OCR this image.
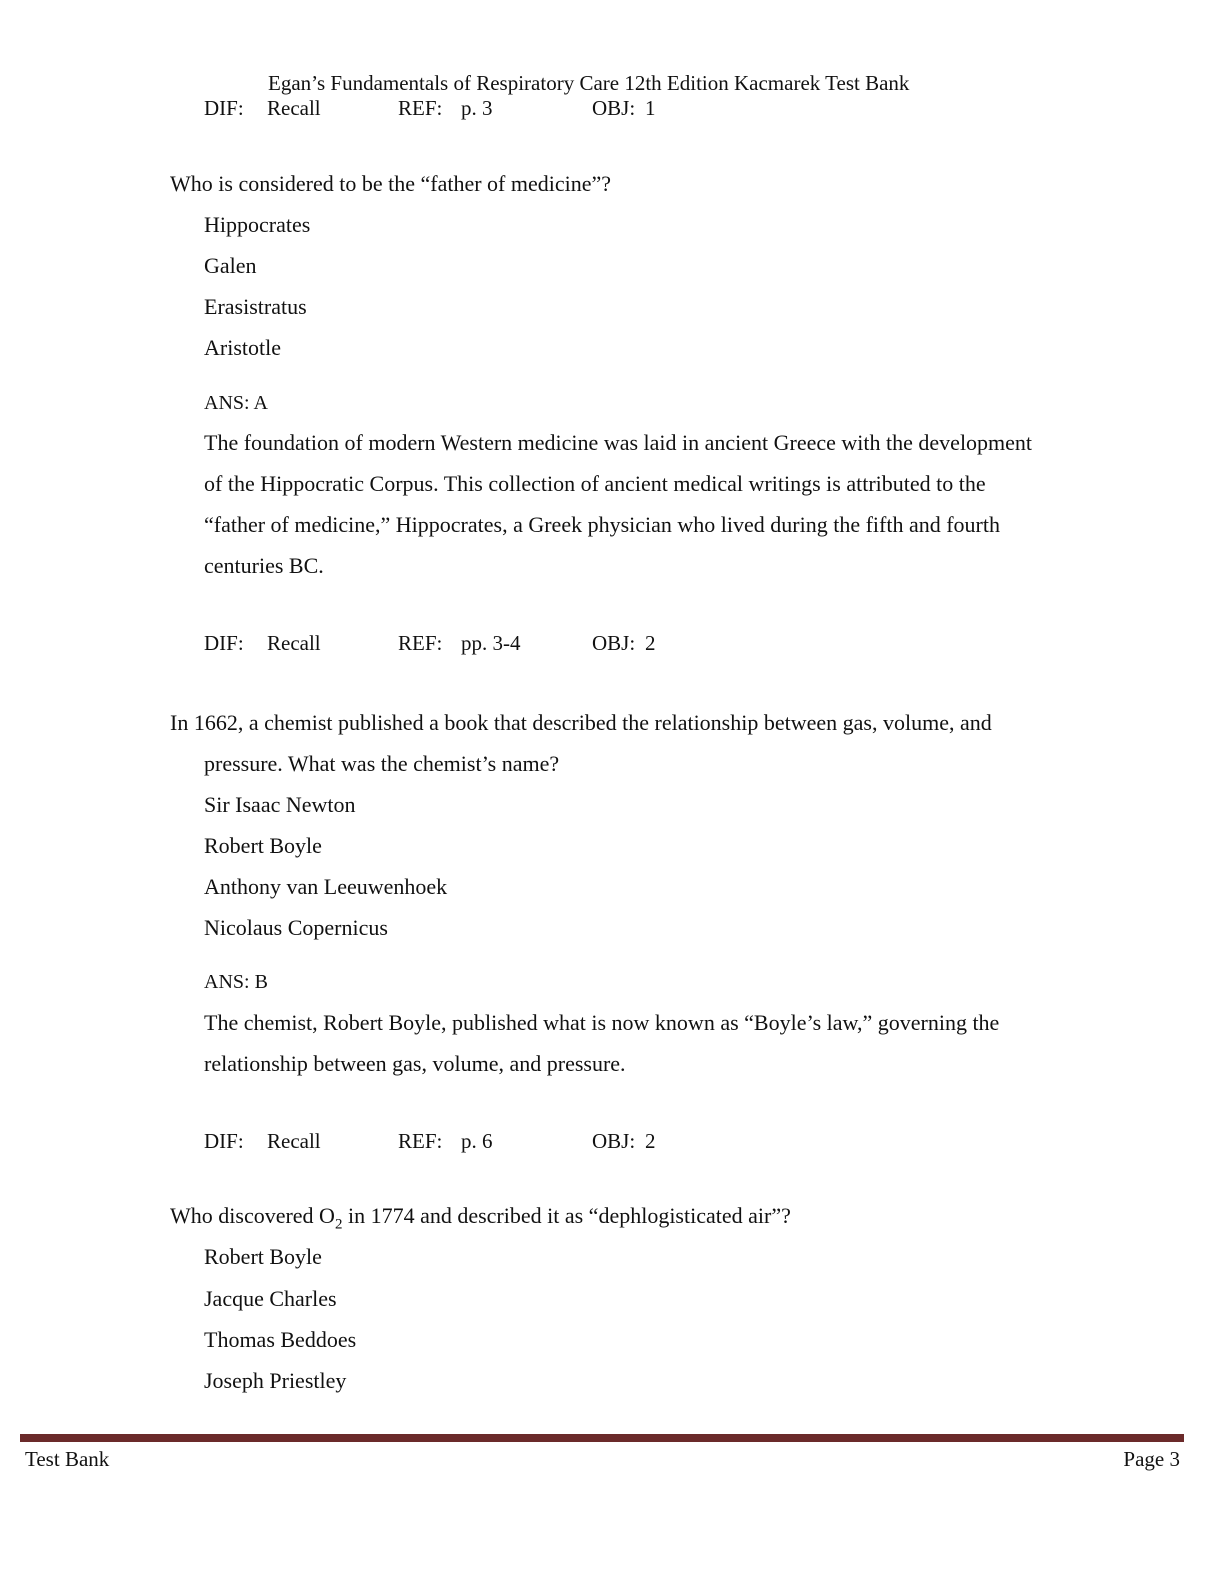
Egan’s Fundamentals of Respiratory Care 12th Edition Kacmarek Test Bank
DIF: Recall	REF: p. 3	OBJ: 1
Who is considered to be the “father of medicine”?
Hippocrates
Galen
Erasistratus
Aristotle
ANS: A
The foundation of modern Western medicine was laid in ancient Greece with the development
of the Hippocratic Corpus. This collection of ancient medical writings is attributed to the
“father of medicine,” Hippocrates, a Greek physician who lived during the fifth and fourth
centuries BC.
DIF: Recall	REF: pp. 3-4	OBJ: 2
In 1662, a chemist published a book that described the relationship between gas, volume, and
pressure. What was the chemist’s name?
Sir Isaac Newton
Robert Boyle
Anthony van Leeuwenhoek
Nicolaus Copernicus
ANS: B
The chemist, Robert Boyle, published what is now known as “Boyle’s law,” governing the
relationship between gas, volume, and pressure.
DIF: Recall	REF: p. 6	OBJ: 2
Who discovered $O_2$ in 1774 and described it as “dephlogisticated air”?
Robert Boyle
Jacque Charles
Thomas Beddoes
Joseph Priestley
Test Bank	Page 3
